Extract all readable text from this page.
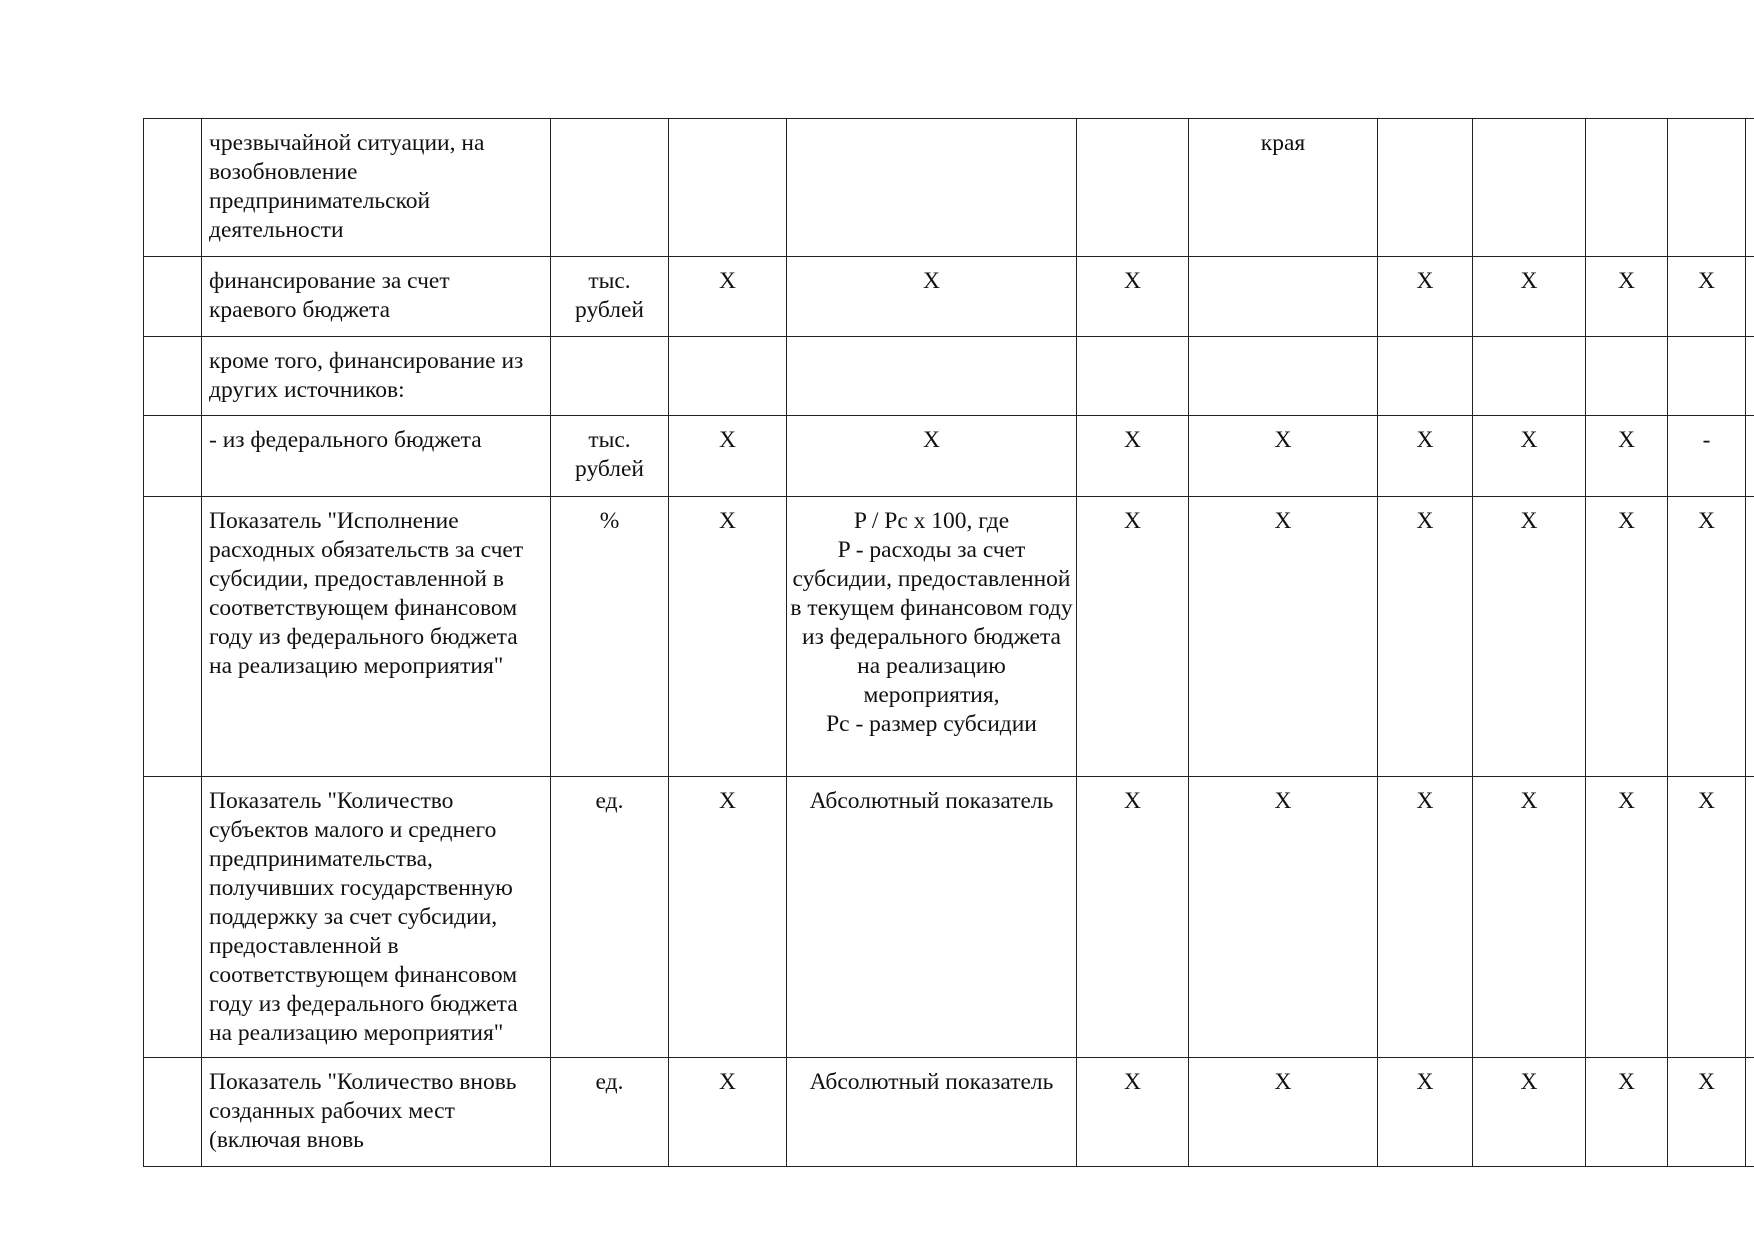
	чрезвычайной ситуации, на возобновление предпринимательской деятельности					края					
	финансирование за счет краевого бюджета	тыс. рублей	X	X	X		X	X	X	X	
	кроме того, финансирование из других источников:										
	- из федерального бюджета	тыс. рублей	X	X	X	X	X	X	X	-	
	Показатель "Исполнение расходных обязательств за счет субсидии, предоставленной в соответствующем финансовом году из федерального бюджета на реализацию мероприятия"	%	X	P / Pc x 100, где
P - расходы за счет субсидии, предоставленной в текущем финансовом году из федерального бюджета на реализацию мероприятия,
Pc - размер субсидии	X	X	X	X	X	X	
	Показатель "Количество субъектов малого и среднего предпринимательства, получивших государственную поддержку за счет субсидии, предоставленной в соответствующем финансовом году из федерального бюджета на реализацию мероприятия"	ед.	X	Абсолютный показатель	X	X	X	X	X	X	
	Показатель "Количество вновь созданных рабочих мест (включая вновь	ед.	X	Абсолютный показатель	X	X	X	X	X	X	
